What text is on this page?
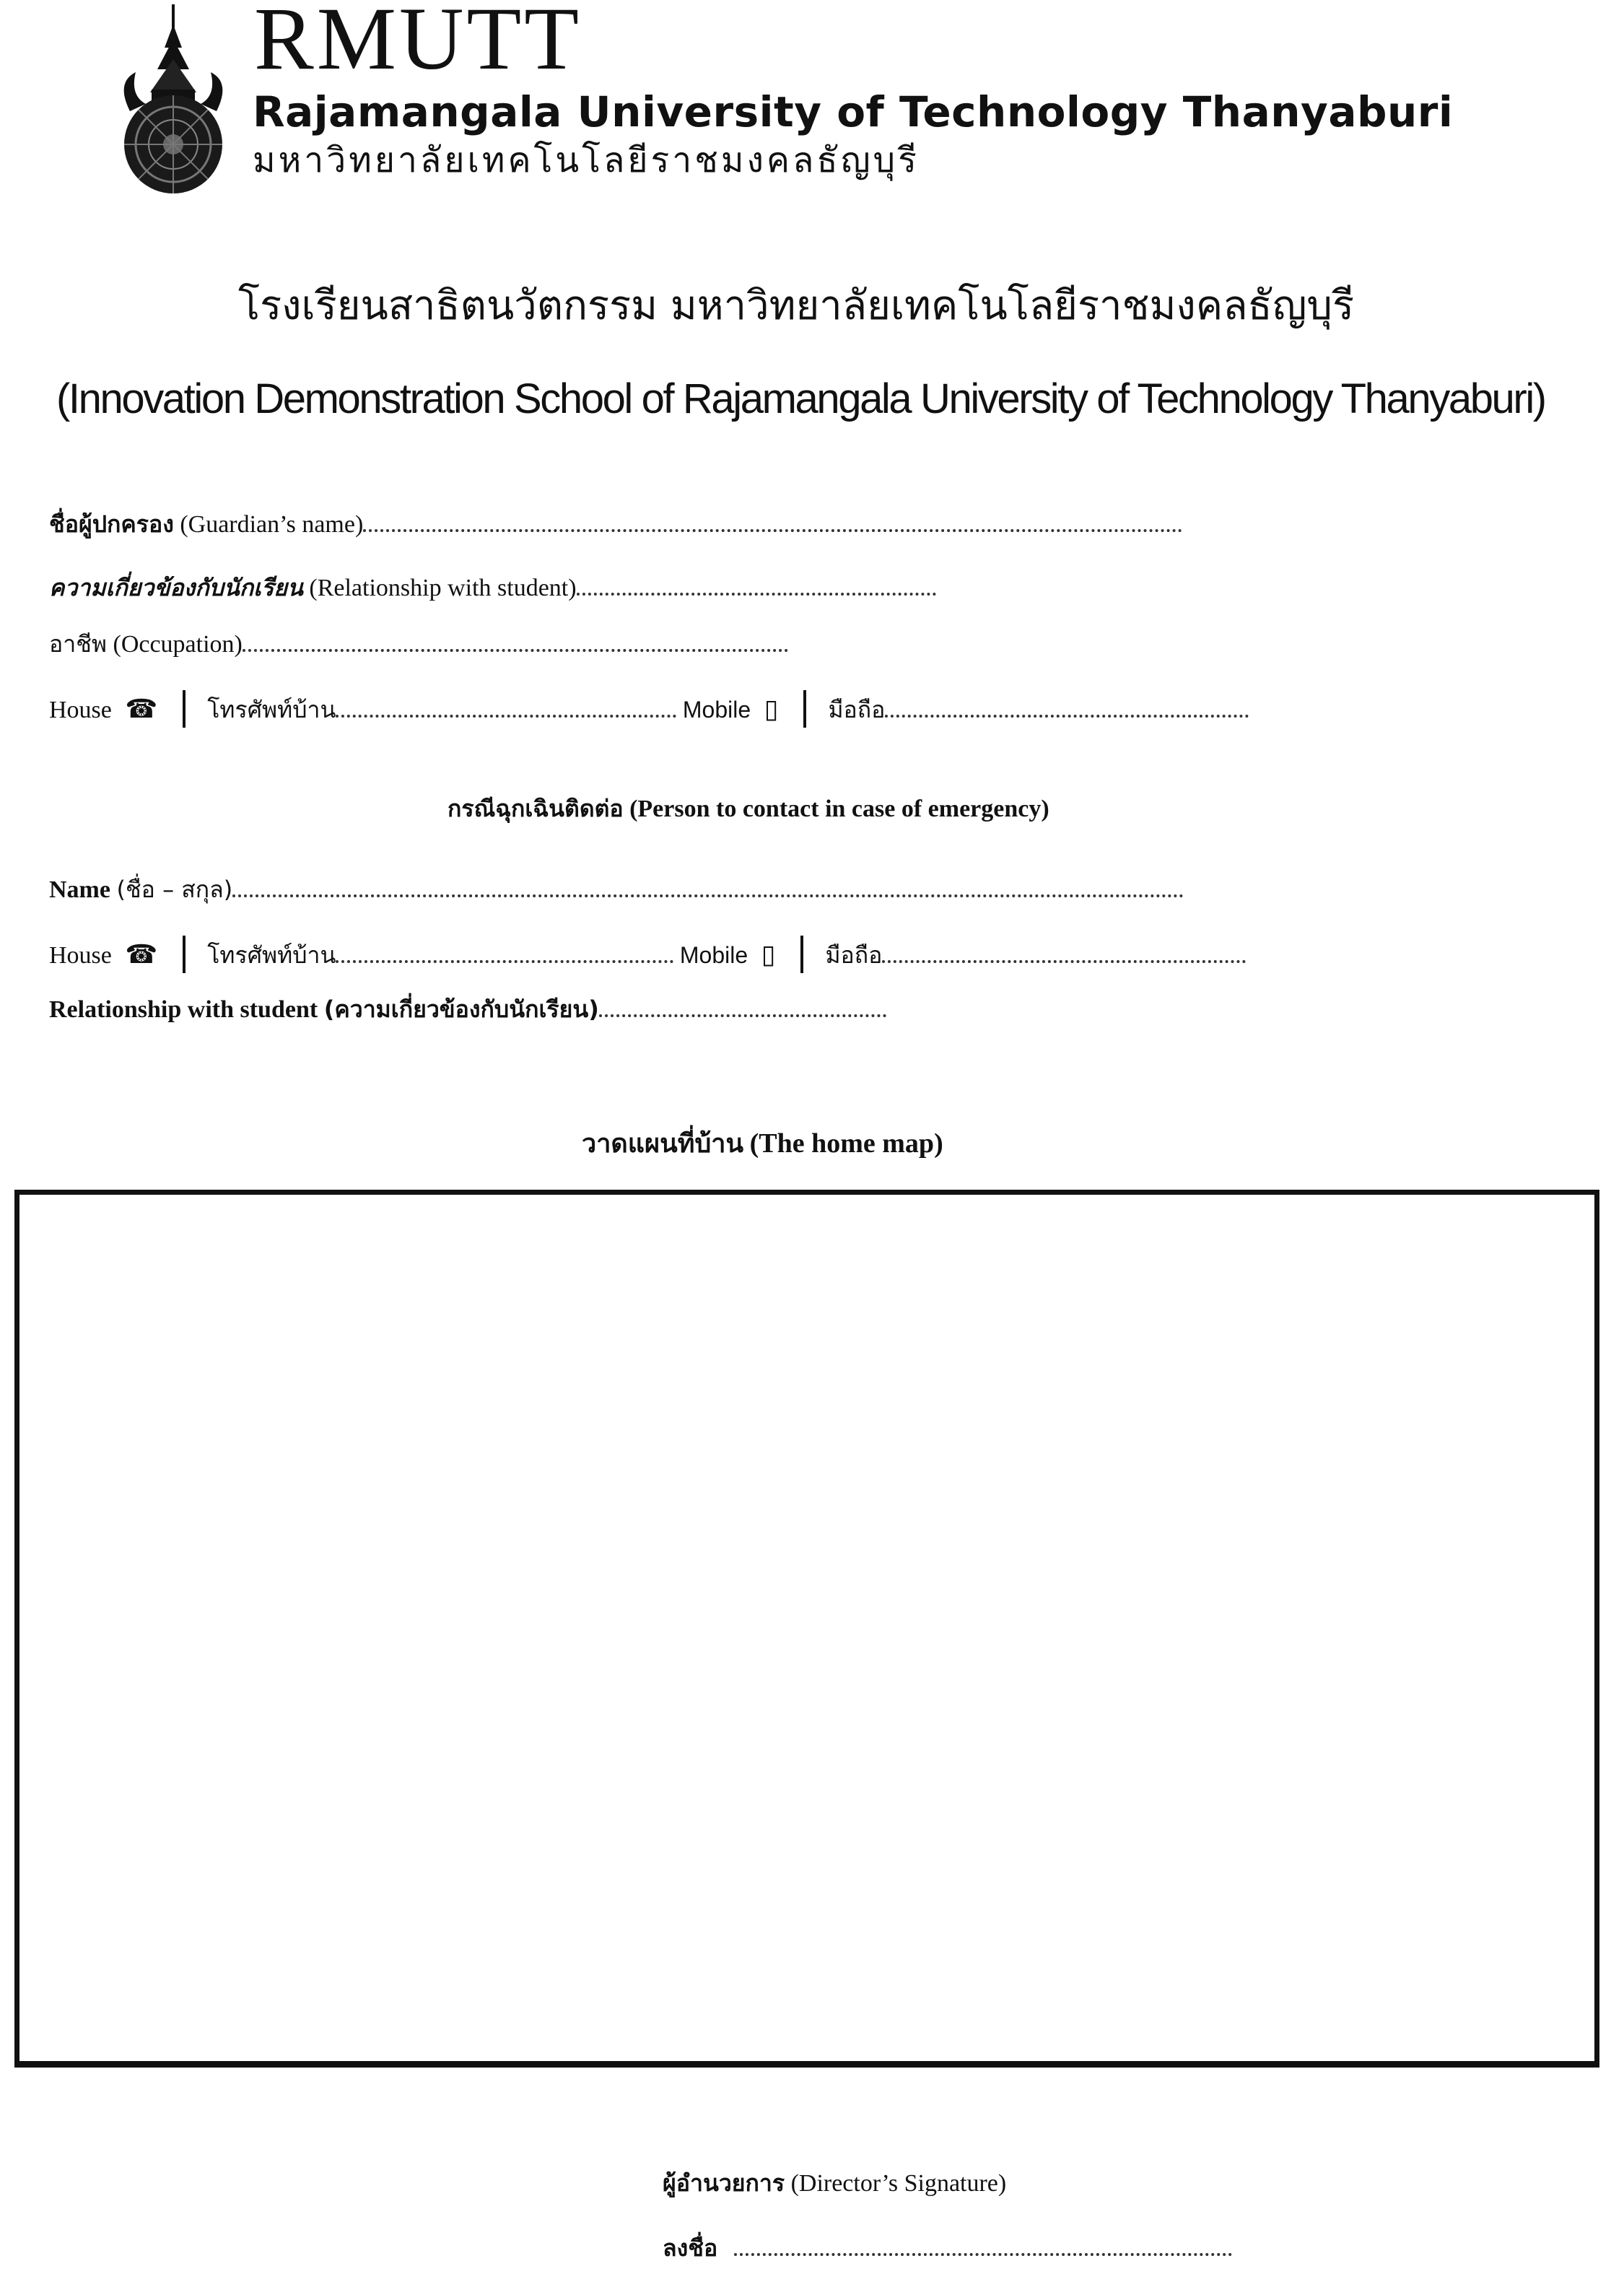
RMUTT
Rajamangala University of Technology Thanyaburi
มหาวิทยาลัยเทคโนโลยีราชมงคลธัญบุรี
โรงเรียนสาธิตนวัตกรรม มหาวิทยาลัยเทคโนโลยีราชมงคลธัญบุรี
(Innovation Demonstration School of Rajamangala University of Technology Thanyaburi)
ชื่อผู้ปกครอง (Guardian’s name)
ความเกี่ยวข้องกับนักเรียน (Relationship with student)
อาชีพ (Occupation)
House ☎ โทรศัพท์บ้าน	Mobile ▯ มือถือ
กรณีฉุกเฉินติดต่อ (Person to contact in case of emergency)
Name (ชื่อ – สกุล)
House ☎ โทรศัพท์บ้าน	Mobile ▯ มือถือ
Relationship with student (ความเกี่ยวข้องกับนักเรียน)
วาดแผนที่บ้าน (The home map)
ผู้อำนวยการ (Director’s Signature)
ลงชื่อ
